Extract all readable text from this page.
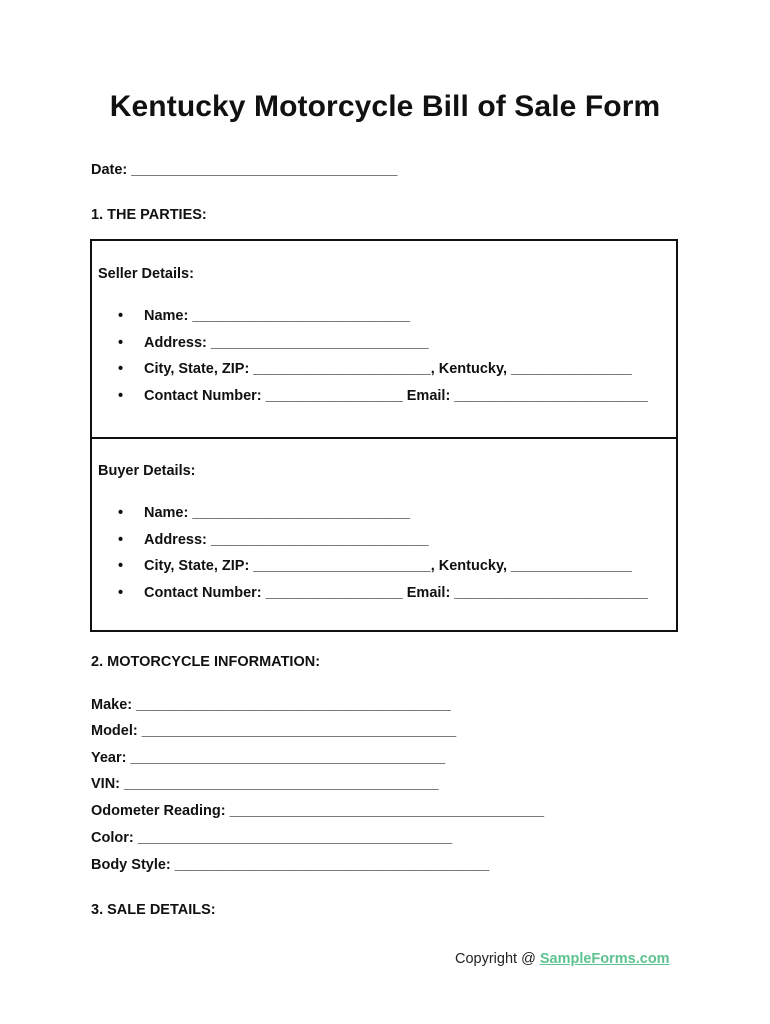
Kentucky Motorcycle Bill of Sale Form
Date: _________________________________
1. THE PARTIES:
Seller Details:
• Name: ___________________________
• Address: ___________________________
• City, State, ZIP: ______________________, Kentucky, _______________
• Contact Number: _________________ Email: ________________________
Buyer Details:
• Name: ___________________________
• Address: ___________________________
• City, State, ZIP: ______________________, Kentucky, _______________
• Contact Number: _________________ Email: ________________________
2. MOTORCYCLE INFORMATION:
Make: _______________________________________
Model: _______________________________________
Year: _______________________________________
VIN: _______________________________________
Odometer Reading: _______________________________________
Color: _______________________________________
Body Style: _______________________________________
3. SALE DETAILS:
Copyright @ SampleForms.com
